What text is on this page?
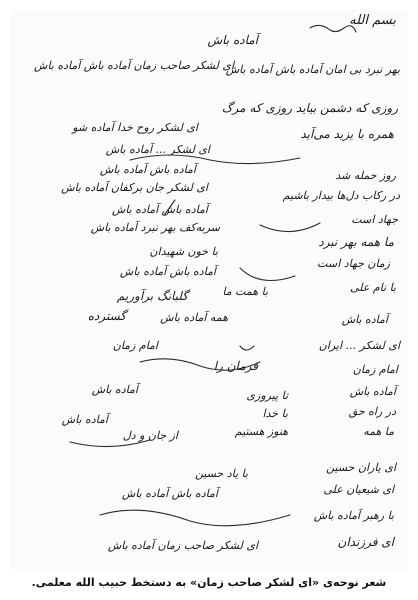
بسم الله
آماده باش
ای لشکر صاحب زمان آماده باش آماده باش
بهر نبرد بی امان آماده باش آماده باش
روزی که دشمن بیاید روزی که مرگ
همره با یزید می‌آید
ای لشکر روح خدا آماده شو
ای لشکر ... آماده باش
آماده باش آماده باش
ای لشکر جان برکفان آماده باش
روز حمله شد
در رکاب دل‌ها بیدار باشیم
آماده باش آماده باش
سربه‌کف بهر نبرد آماده باش
جهاد است
ما همه بهر نبرد
زمان جهاد است
با خون شهیدان
آماده باش آماده باش
گلبانگ برآوریم	با همت ما	با نام علی
گسترده	همه آماده باش	آماده باش
ای لشکر ... ایران
امام زمان
فرمان را	امام زمان
آماده باش	آماده باش
تا پیروزی
در راه حق
با خدا
ما همه
هنوز هستیم
از جان و دل
آماده باش
ای یاران حسین
با یاد حسین
ای شیعیان علی
آماده باش آماده باش
با رهبر آماده باش
ای فرزندان
ای لشکر صاحب زمان آماده باش
شعر نوحه‌ی «ای لشکر صاحب زمان» به دستخط حبیب الله معلمی.
